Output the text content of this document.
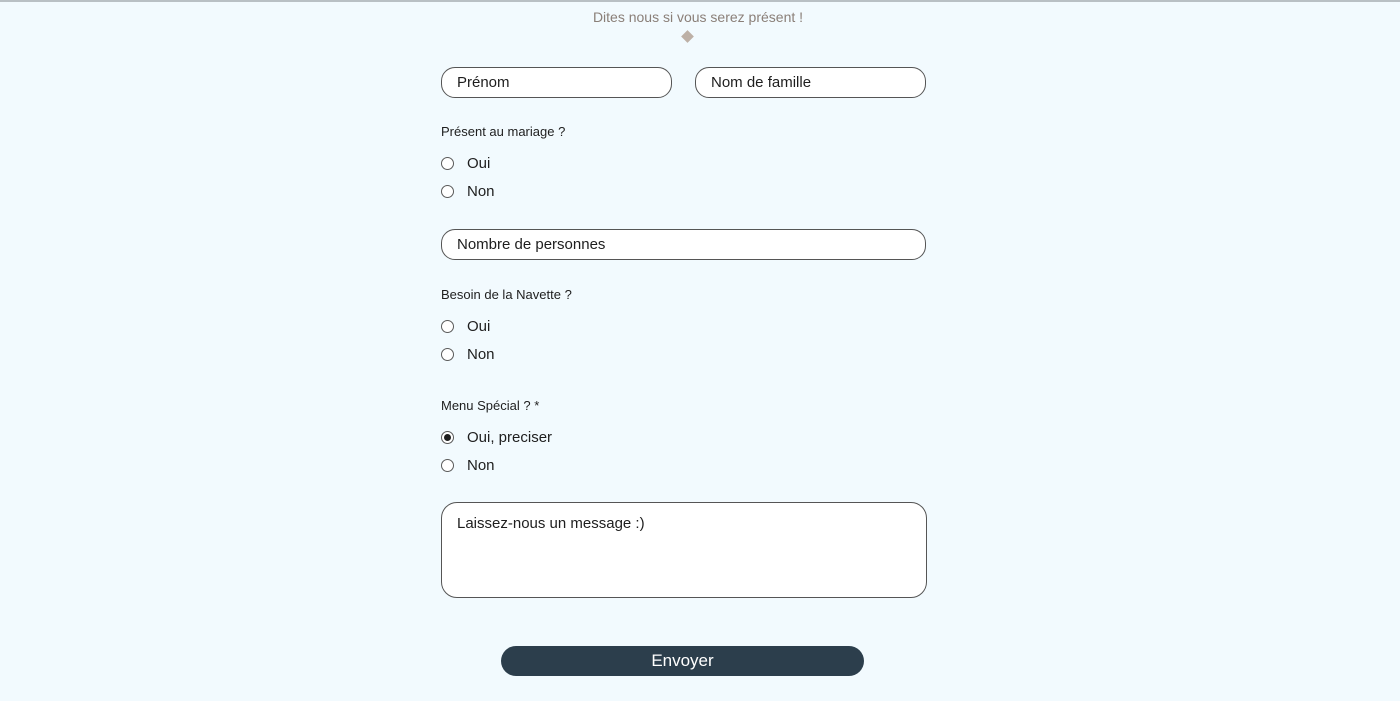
Dites nous si vous serez présent !
Prénom	Nom de famille
Présent au mariage ?
Oui
Non
Nombre de personnes
Besoin de la Navette ?
Oui
Non
Menu Spécial ? *
Oui, preciser
Non
Laissez-nous un message :)
Envoyer
